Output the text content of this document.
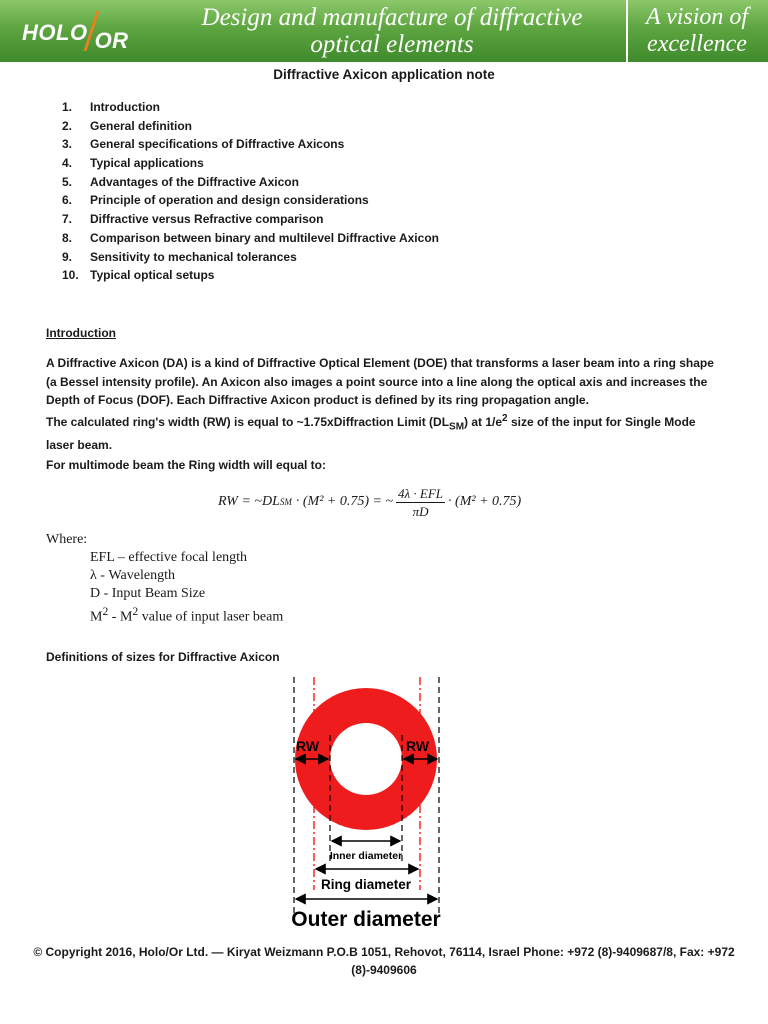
HOLO OR
Design and manufacture of diffractive
optical elements
A vision of
excellence
Diffractive Axicon application note
1.	Introduction
2.	General definition
3.	General specifications of Diffractive Axicons
4.	Typical applications
5.	Advantages of the Diffractive Axicon
6.	Principle of operation and design considerations
7.	Diffractive versus Refractive comparison
8.	Comparison between binary and multilevel Diffractive Axicon
9.	Sensitivity to mechanical tolerances
10. Typical optical setups
Introduction

A Diffractive Axicon (DA) is a kind of Diffractive Optical Element (DOE) that transforms a laser beam into a ring shape (a Bessel intensity profile). An Axicon also images a point source into a line along the optical axis and increases the Depth of Focus (DOF). Each Diffractive Axicon product is defined by its ring propagation angle.

The calculated ring's width (RW) is equal to ~1.75xDiffraction Limit $(DL_{SM})$ at $1/e^2$ size of the input for Single Mode laser beam.

For multimode beam the Ring width will equal to:
RW = ~DL SM · (M² + 0.75) = ~ $\frac{\text{4λ · EFL}}{\pi D} \cdot (M^2 + 0.75)$
Where:
EFL – effective focal length
λ - Wavelength
D - Input Beam Size
$M^2 - M^2$ value of input laser beam
Definitions of sizes for Diffractive Axicon
RW	RW
Inner diameter
Ring diameter
Outer diameter
© Copyright 2016, Holo/Or Ltd. — Kiryat Weizmann P.O.B 1051, Rehovot, 76114, Israel Phone: +972 (8)-9409687/8, Fax: +972 (8)-9409606
